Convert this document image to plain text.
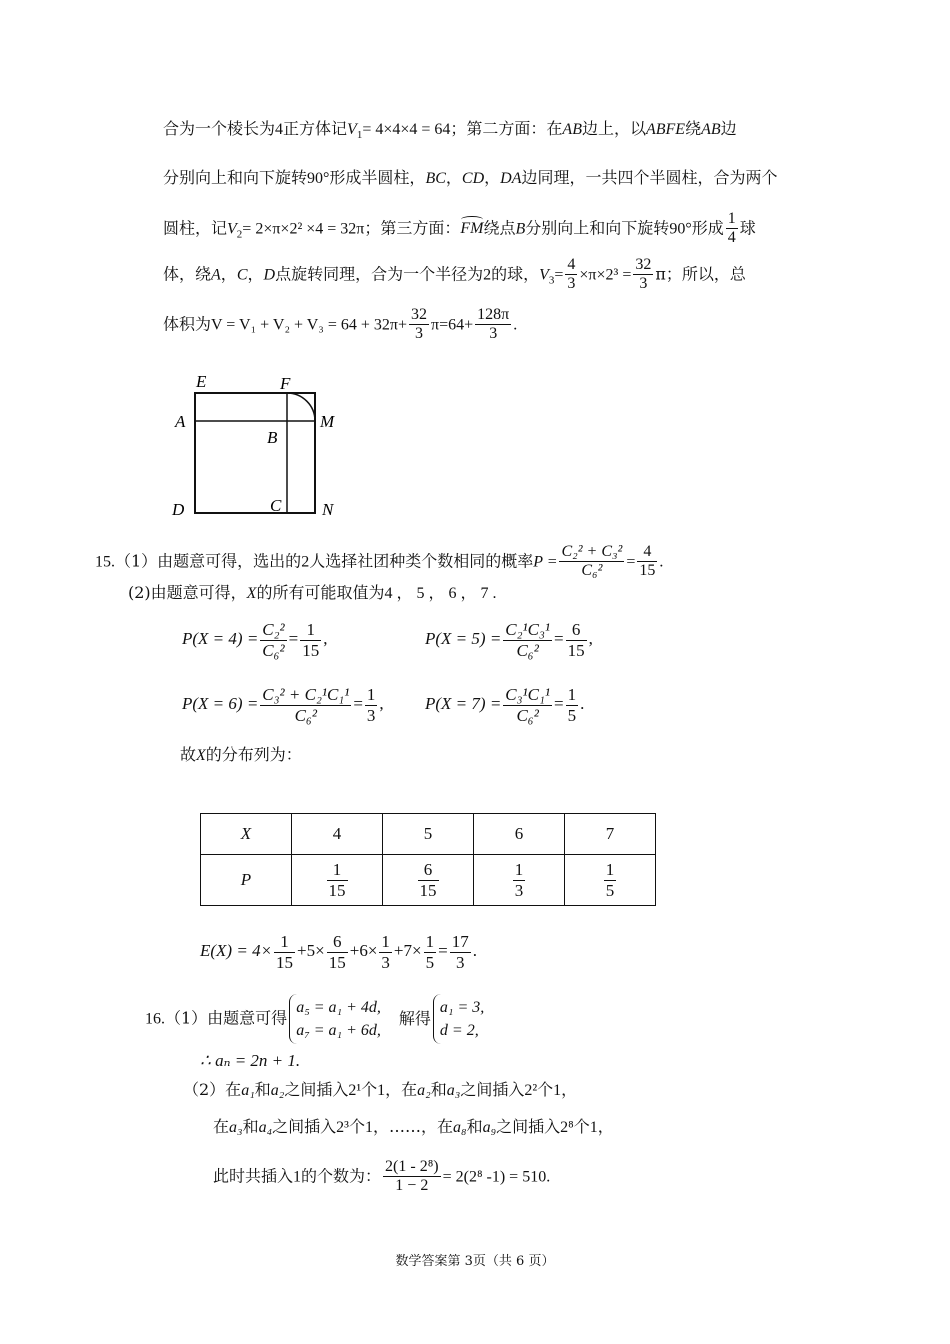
合为一个棱长为4正方体记$V_1= 4\times 4\times 4 = 64$；第二方面：在AB边上，以ABFE绕AB边
分别向上和向下旋转90°形成半圆柱，BC，CD，DA边同理，一共四个半圆柱，合为两个
圆柱，记$V_2= 2\times\pi\times 2^2 \times 4 = 32\pi$；第三方面：
FM绕点B分别向上和向下旋转90°形成 $\frac{1}{4}$ 球
体，绕A，C，D点旋转同理，合为一个半径为2的球，$V_3= \frac{4}{3} \times\pi\times 2^3 = \frac{32}{3}$ π；所以，总
体积为$V = V_1 + V_2 + V_3 = 64 + 32\pi+ \frac{32}{3} \pi=64+ \frac{128\pi}{3}$ .
E	F
A
B
M
D	C N
15.（1）由题意可得，选出的2人选择社团种类个数相同的概率$P = \frac{\text{C₂² + C₃²}}{\text{C₆²}} = \frac{4}{15}$ .
(2)由题意可得，X的所有可能取值为4 ， 5 ， 6 ， 7 .
$P(X = 4) = \frac{\text{C₂²}}{\text{C₆²}} = \frac{1}{15}$ ,	$P(X = 5) = \frac{\text{C₂¹C₃¹}}{\text{C₆²}} = \frac{6}{15}$ ,
$P(X = 6) = \frac{\text{C₃² + C₂¹C₁¹}}{\text{C₆²}} = \frac{1}{3}$ , $P(X = 7) = \frac{\text{C₃¹C₁¹}}{\text{C₆²}} = \frac{1}{5}$ .
故X的分布列为：
X	4	5	6	7
P	$\frac{1}{15}$	$\frac{6}{15}$	$\frac{1}{3}$	$\frac{1}{5}$
$E(X) = 4\times \frac{1}{15} +5\times \frac{6}{15} +6\times \frac{1}{3} +7\times \frac{1}{5} = \frac{17}{3}$ .
16.（1）由题意可得
a₅ = a₁ + 4d,
a₇ = a₁ + 6d,
解得
a₁ = 3,
d = 2,
∴ aₙ = 2n + 1.
（2）在a₁和a₂之间插入2¹个1，在a₂和a₃之间插入2²个1，
在a₃和a₄之间插入2³个1，……，在a₈和a₉之间插入2⁸个1，
此时共插入1的个数为： $\frac{\text{2(1 - 2⁸)}}{1 - 2} = 2(2^8$ -1) = 510.
数学答案第 3页（共 6 页）
